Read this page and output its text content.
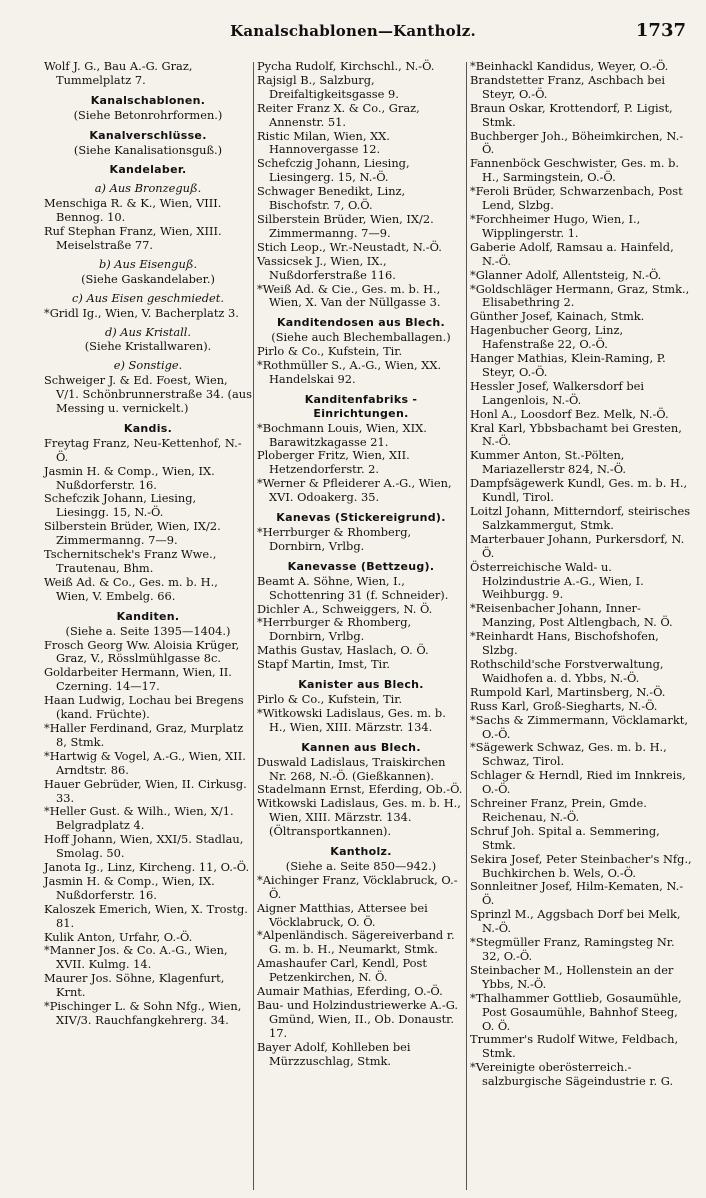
Kanalschablonen—Kantholz.	1737

Wolf J. G., Bau A.-G. Graz, Tummelplatz 7.

Kanalschablonen.

(Siehe Betonrohrformen.)

Kanalverschlüsse.

(Siehe Kanalisationsguß.)

Kandelaber.

a) Aus Bronzeguß.

Menschiga R. & K., Wien, VIII. Bennog. 10.

Ruf Stephan Franz, Wien, XIII. Meiselstraße 77.

b) Aus Eisenguß.

(Siehe Gaskandelaber.)

c) Aus Eisen geschmiedet.

*Gridl Ig., Wien, V. Bacherplatz 3.

d) Aus Kristall.

(Siehe Kristallwaren).

e) Sonstige.

Schweiger J. & Ed. Foest, Wien, V/1. Schönbrunnerstraße 34. (aus Messing u. vernickelt.)

Kandis.

Freytag Franz, Neu-Kettenhof, N.-Ö.

Jasmin H. & Comp., Wien, IX. Nußdorferstr. 16.

Schefczik Johann, Liesing, Liesingg. 15, N.-Ö.

Silberstein Brüder, Wien, IX/2. Zimmermanng. 7—9.

Tschernitschek's Franz Wwe., Trautenau, Bhm.

Weiß Ad. & Co., Ges. m. b. H., Wien, V. Embelg. 66.

Kanditen.

(Siehe a. Seite 1395—1404.)

Frosch Georg Ww. Aloisia Krüger, Graz, V., Rösslmühlgasse 8c.

Goldarbeiter Hermann, Wien, II. Czerning. 14—17.

Haan Ludwig, Lochau bei Bregens (kand. Früchte).

*Haller Ferdinand, Graz, Murplatz 8, Stmk.

*Hartwig & Vogel, A.-G., Wien, XII. Arndtstr. 86.

Hauer Gebrüder, Wien, II. Cirkusg. 33.

*Heller Gust. & Wilh., Wien, X/1. Belgradplatz 4.

Hoff Johann, Wien, XXI/5. Stadlau, Smolag. 50.

Janota Ig., Linz, Kircheng. 11, O.-Ö.

Jasmin H. & Comp., Wien, IX. Nußdorferstr. 16.

Kaloszek Emerich, Wien, X. Trostg. 81.

Kulik Anton, Urfahr, O.-Ö.

*Manner Jos. & Co. A.-G., Wien, XVII. Kulmg. 14.

Maurer Jos. Söhne, Klagenfurt, Krnt.

*Pischinger L. & Sohn Nfg., Wien, XIV/3. Rauchfangkehrerg. 34.

Pycha Rudolf, Kirchschl., N.-Ö.

Rajsigl B., Salzburg, Dreifaltigkeitsgasse 9.

Reiter Franz X. & Co., Graz, Annenstr. 51.

Ristic Milan, Wien, XX. Hannovergasse 12.

Schefczig Johann, Liesing, Liesingerg. 15, N.-Ö.

Schwager Benedikt, Linz, Bischofstr. 7, O.Ö.

Silberstein Brüder, Wien, IX/2. Zimmermanng. 7—9.

Stich Leop., Wr.-Neustadt, N.-Ö.

Vassicsek J., Wien, IX., Nußdorferstraße 116.

*Weiß Ad. & Cie., Ges. m. b. H., Wien, X. Van der Nüllgasse 3.

Kanditendosen aus Blech.

(Siehe auch Blechemballagen.)

Pirlo & Co., Kufstein, Tir.

*Rothmüller S., A.-G., Wien, XX. Handelskai 92.

Kanditenfabriks - Einrichtungen.

*Bochmann Louis, Wien, XIX. Barawitzkagasse 21.

Ploberger Fritz, Wien, XII. Hetzendorferstr. 2.

*Werner & Pfleiderer A.-G., Wien, XVI. Odoakerg. 35.

Kanevas (Stickereigrund).

*Herrburger & Rhomberg, Dornbirn, Vrlbg.

Kanevasse (Bettzeug).

Beamt A. Söhne, Wien, I., Schottenring 31 (f. Schneider).

Dichler A., Schweiggers, N. Ö.

*Herrburger & Rhomberg, Dornbirn, Vrlbg.

Mathis Gustav, Haslach, O. Ö.

Stapf Martin, Imst, Tir.

Kanister aus Blech.

Pirlo & Co., Kufstein, Tir.

*Witkowski Ladislaus, Ges. m. b. H., Wien, XIII. Märzstr. 134.

Kannen aus Blech.

Duswald Ladislaus, Traiskirchen Nr. 268, N.-Ö. (Gießkannen).

Stadelmann Ernst, Eferding, Ob.-Ö.

Witkowski Ladislaus, Ges. m. b. H., Wien, XIII. Märzstr. 134. (Öltransportkannen).

Kantholz.

(Siehe a. Seite 850—942.)

*Aichinger Franz, Vöcklabruck, O.-Ö.

Aigner Matthias, Attersee bei Vöcklabruck, O. Ö.

*Alpenländisch. Sägereiverband r. G. m. b. H., Neumarkt, Stmk.

Amashaufer Carl, Kendl, Post Petzenkirchen, N. Ö.

Aumair Mathias, Eferding, O.-Ö.

Bau- und Holzindustriewerke A.-G. Gmünd, Wien, II., Ob. Donaustr. 17.

Bayer Adolf, Kohlleben bei Mürzzuschlag, Stmk.

*Beinhackl Kandidus, Weyer, O.-Ö.

Brandstetter Franz, Aschbach bei Steyr, O.-Ö.

Braun Oskar, Krottendorf, P. Ligist, Stmk.

Buchberger Joh., Böheimkirchen, N.-Ö.

Fannenböck Geschwister, Ges. m. b. H., Sarmingstein, O.-Ö.

*Feroli Brüder, Schwarzenbach, Post Lend, Slzbg.

*Forchheimer Hugo, Wien, I., Wipplingerstr. 1.

Gaberie Adolf, Ramsau a. Hainfeld, N.-Ö.

*Glanner Adolf, Allentsteig, N.-Ö.

*Goldschläger Hermann, Graz, Stmk., Elisabethring 2.

Günther Josef, Kainach, Stmk.

Hagenbucher Georg, Linz, Hafenstraße 22, O.-Ö.

Hanger Mathias, Klein-Raming, P. Steyr, O.-Ö.

Hessler Josef, Walkersdorf bei Langenlois, N.-Ö.

Honl A., Loosdorf Bez. Melk, N.-Ö.

Kral Karl, Ybbsbachamt bei Gresten, N.-Ö.

Kummer Anton, St.-Pölten, Mariazellerstr 824, N.-Ö.

Dampfsägewerk Kundl, Ges. m. b. H., Kundl, Tirol.

Loitzl Johann, Mitterndorf, steirisches Salzkammergut, Stmk.

Marterbauer Johann, Purkersdorf, N. Ö.

Österreichische Wald- u. Holzindustrie A.-G., Wien, I. Weihburgg. 9.

*Reisenbacher Johann, Inner-Manzing, Post Altlengbach, N. Ö.

*Reinhardt Hans, Bischofshofen, Slzbg.

Rothschild'sche Forstverwaltung, Waidhofen a. d. Ybbs, N.-Ö.

Rumpold Karl, Martinsberg, N.-Ö.

Russ Karl, Groß-Siegharts, N.-Ö.

*Sachs & Zimmermann, Vöcklamarkt, O.-Ö.

*Sägewerk Schwaz, Ges. m. b. H., Schwaz, Tirol.

Schlager & Herndl, Ried im Innkreis, O.-Ö.

Schreiner Franz, Prein, Gmde. Reichenau, N.-Ö.

Schruf Joh. Spital a. Semmering, Stmk.

Sekira Josef, Peter Steinbacher's Nfg., Buchkirchen b. Wels, O.-Ö.

Sonnleitner Josef, Hilm-Kematen, N.-Ö.

Sprinzl M., Aggsbach Dorf bei Melk, N.-Ö.

*Stegmüller Franz, Ramingsteg Nr. 32, O.-Ö.

Steinbacher M., Hollenstein an der Ybbs, N.-Ö.

*Thalhammer Gottlieb, Gosaumühle, Post Gosaumühle, Bahnhof Steeg, O. Ö.

Trummer's Rudolf Witwe, Feldbach, Stmk.

*Vereinigte oberösterreich.-salzburgische Sägeindustrie r. G.
